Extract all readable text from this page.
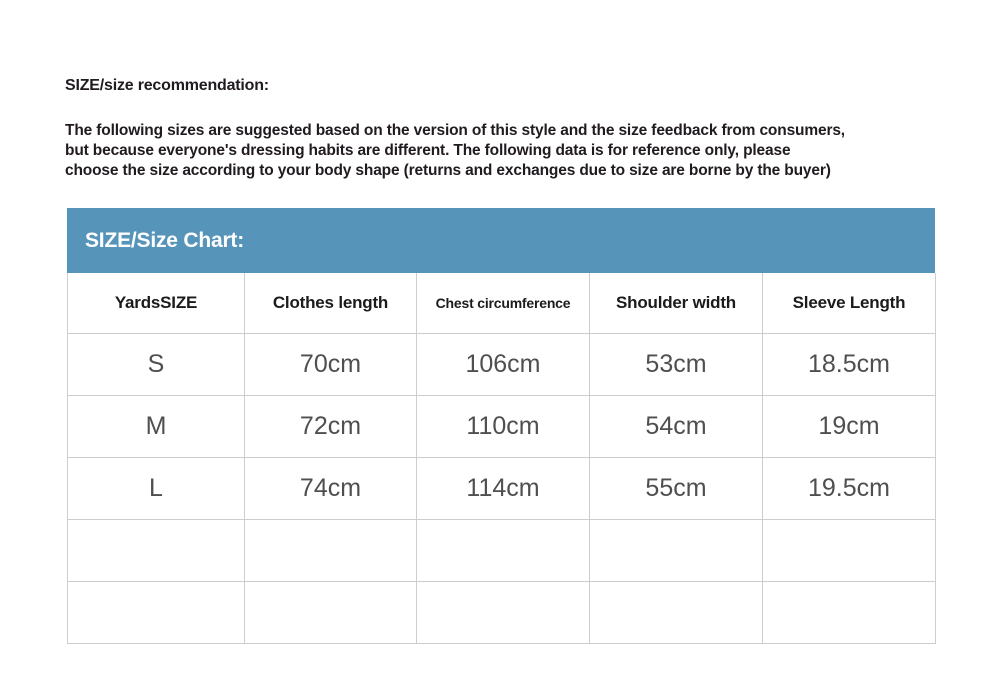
SIZE/size recommendation:
The following sizes are suggested based on the version of this style and the size feedback from consumers,
but because everyone's dressing habits are different. The following data is for reference only, please
choose the size according to your body shape (returns and exchanges due to size are borne by the buyer)
SIZE/Size Chart:
YardsSIZE	Clothes length	Chest circumference	Shoulder width	Sleeve Length
S	70cm	106cm	53cm	18.5cm
M	72cm	110cm	54cm	19cm
L	74cm	114cm	55cm	19.5cm
